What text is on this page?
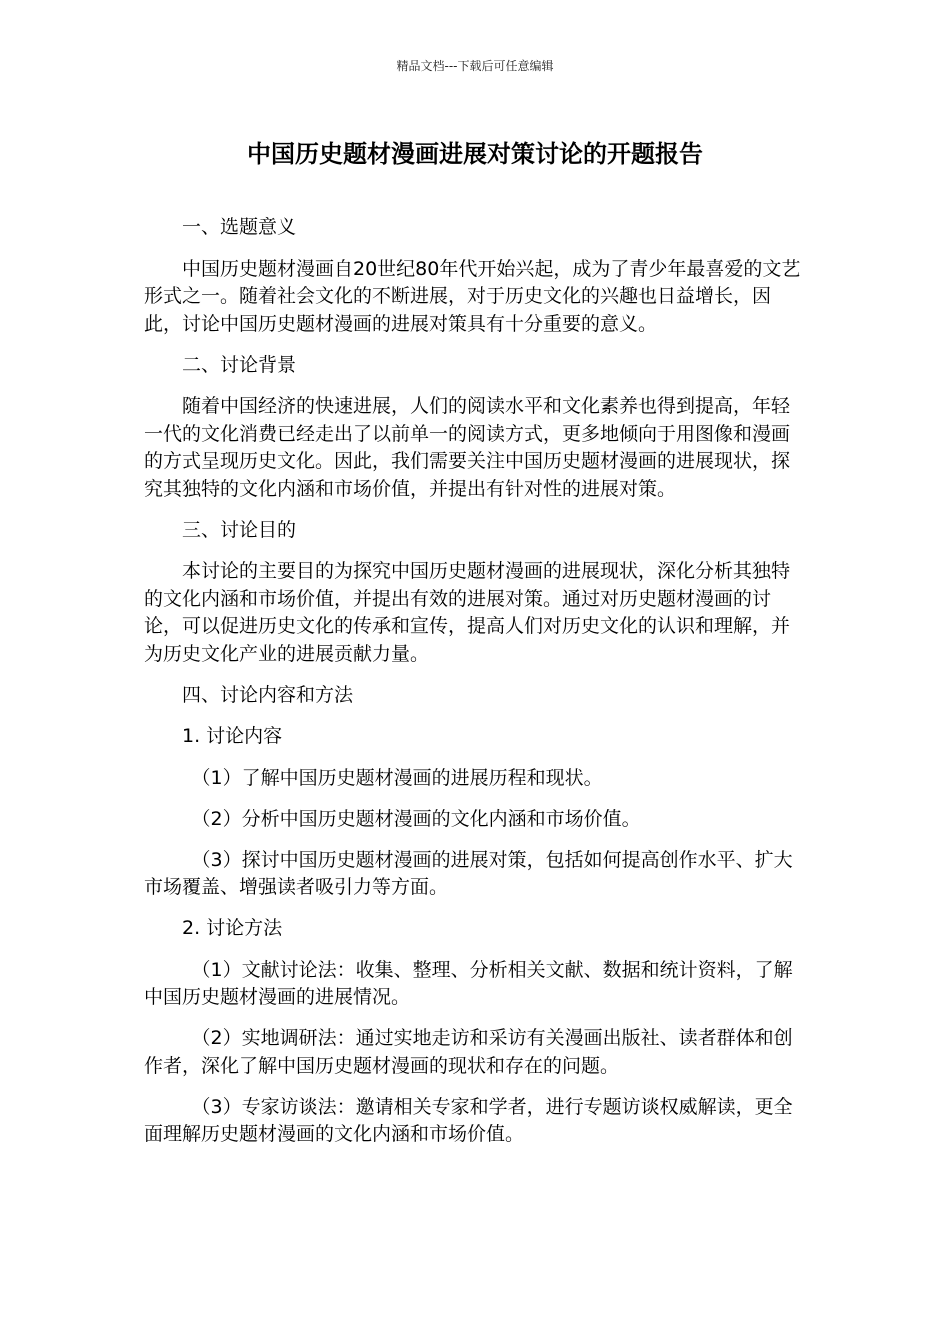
精品文档---下载后可任意编辑
中国历史题材漫画进展对策讨论的开题报告

一、选题意义

中国历史题材漫画自20世纪80年代开始兴起，成为了青少年最喜爱的文艺形式之一。随着社会文化的不断进展，对于历史文化的兴趣也日益增长，因此，讨论中国历史题材漫画的进展对策具有十分重要的意义。

二、讨论背景

随着中国经济的快速进展，人们的阅读水平和文化素养也得到提高，年轻一代的文化消费已经走出了以前单一的阅读方式，更多地倾向于用图像和漫画的方式呈现历史文化。因此，我们需要关注中国历史题材漫画的进展现状，探究其独特的文化内涵和市场价值，并提出有针对性的进展对策。

三、讨论目的

本讨论的主要目的为探究中国历史题材漫画的进展现状，深化分析其独特的文化内涵和市场价值，并提出有效的进展对策。通过对历史题材漫画的讨论，可以促进历史文化的传承和宣传，提高人们对历史文化的认识和理解，并为历史文化产业的进展贡献力量。

四、讨论内容和方法

1. 讨论内容

（1）了解中国历史题材漫画的进展历程和现状。

（2）分析中国历史题材漫画的文化内涵和市场价值。

（3）探讨中国历史题材漫画的进展对策，包括如何提高创作水平、扩大市场覆盖、增强读者吸引力等方面。

2. 讨论方法

（1）文献讨论法：收集、整理、分析相关文献、数据和统计资料，了解中国历史题材漫画的进展情况。

（2）实地调研法：通过实地走访和采访有关漫画出版社、读者群体和创作者，深化了解中国历史题材漫画的现状和存在的问题。

（3）专家访谈法：邀请相关专家和学者，进行专题访谈权威解读，更全面理解历史题材漫画的文化内涵和市场价值。
